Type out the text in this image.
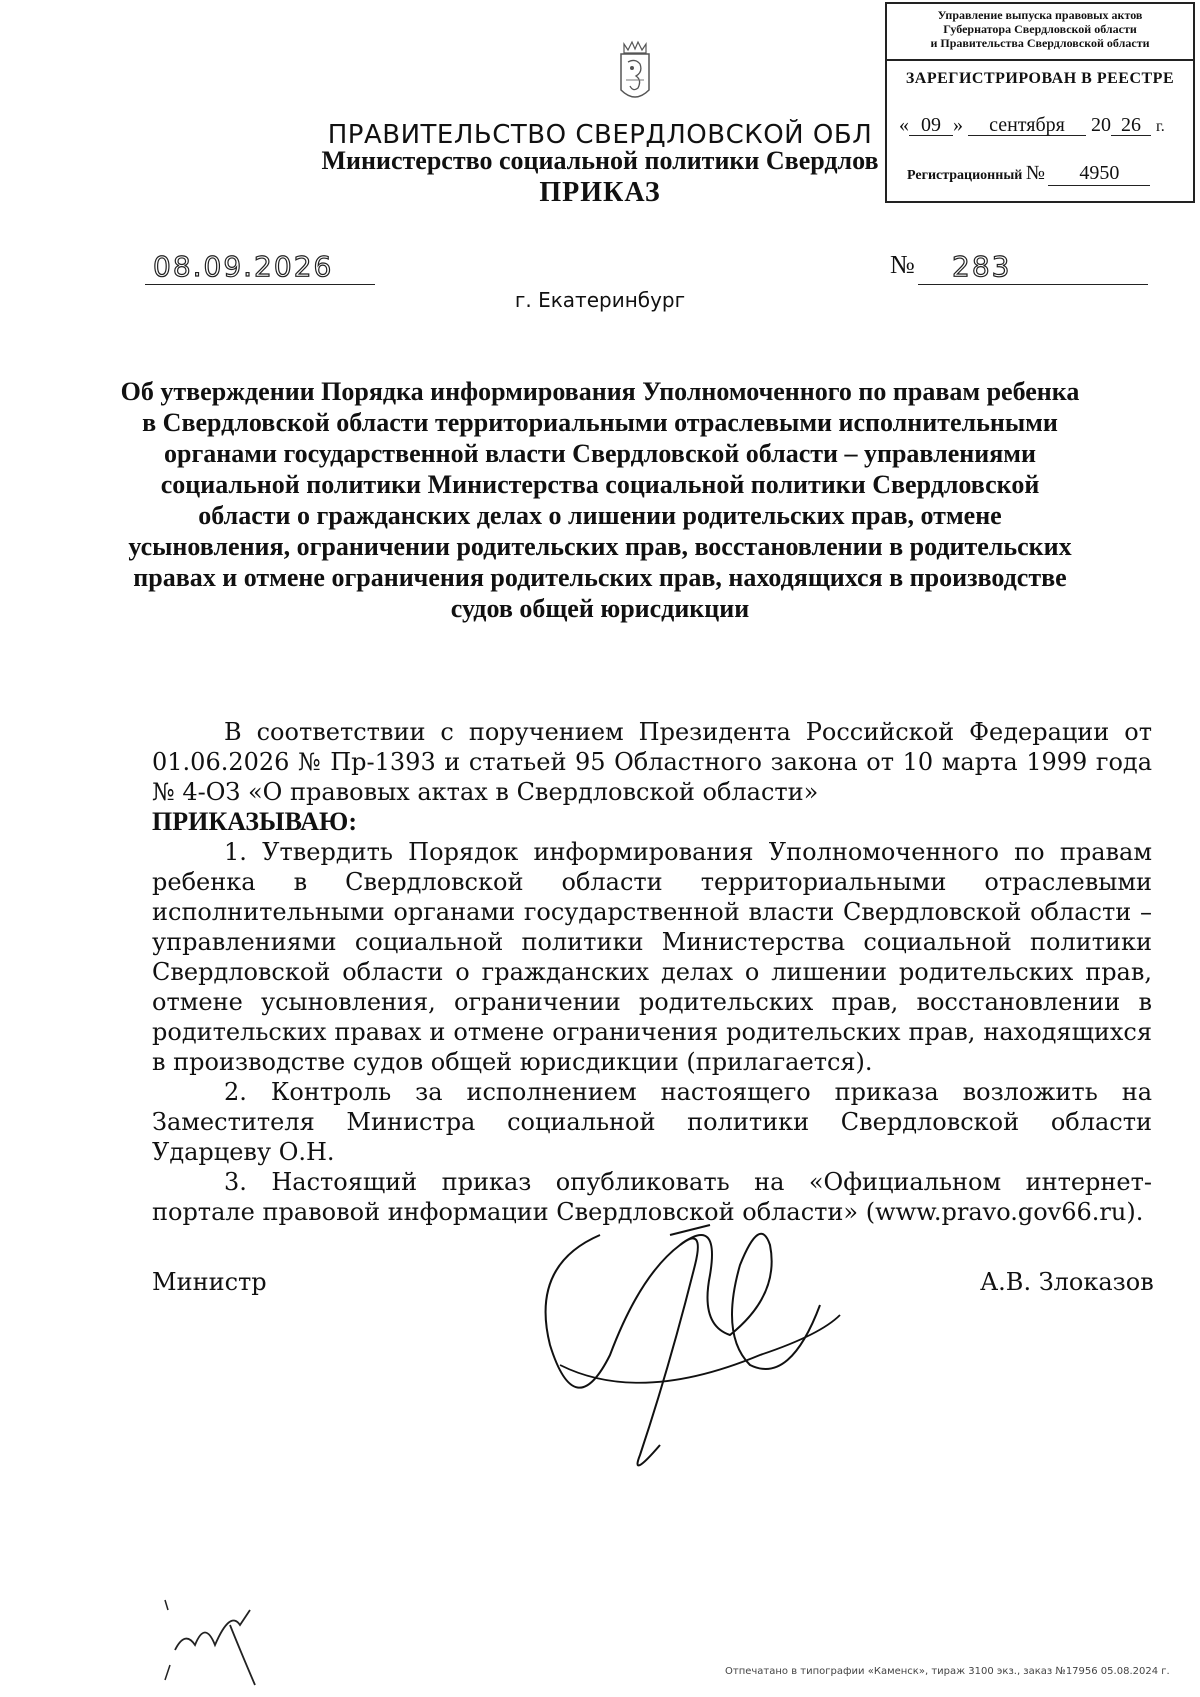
ПРАВИТЕЛЬСТВО СВЕРДЛОВСКОЙ ОБЛ
Министерство социальной политики Свердлов
ПРИКАЗ
Управление выпуска правовых актов
Губернатора Свердловской области
и Правительства Свердловской области
ЗАРЕГИСТРИРОВАН В РЕЕСТРЕ
« 09 » сентября 20 26 г.
Регистрационный № 4950
08.09.2026	№ 283
г. Екатеринбург
Об утверждении Порядка информирования Уполномоченного по правам ребенка в Свердловской области территориальными отраслевыми исполнительными органами государственной власти Свердловской области – управлениями социальной политики Министерства социальной политики Свердловской области о гражданских делах о лишении родительских прав, отмене усыновления, ограничении родительских прав, восстановлении в родительских правах и отмене ограничения родительских прав, находящихся в производстве судов общей юрисдикции

В соответствии с поручением Президента Российской Федерации от 01.06.2026 № Пр-1393 и статьей 95 Областного закона от 10 марта 1999 года № 4-ОЗ «О правовых актах в Свердловской области»

ПРИКАЗЫВАЮ:

1. Утвердить Порядок информирования Уполномоченного по правам ребенка в Свердловской области территориальными отраслевыми исполнительными органами государственной власти Свердловской области – управлениями социальной политики Министерства социальной политики Свердловской области о гражданских делах о лишении родительских прав, отмене усыновления, ограничении родительских прав, восстановлении в родительских правах и отмене ограничения родительских прав, находящихся в производстве судов общей юрисдикции (прилагается).

2. Контроль за исполнением настоящего приказа возложить на Заместителя Министра социальной политики Свердловской области Ударцеву О.Н.

3. Настоящий приказ опубликовать на «Официальном интернет-портале правовой информации Свердловской области» (www.pravo.gov66.ru).

Министр	А.В. Злоказов
Отпечатано в типографии «Каменск», тираж 3100 экз., заказ №17956 05.08.2024 г.
